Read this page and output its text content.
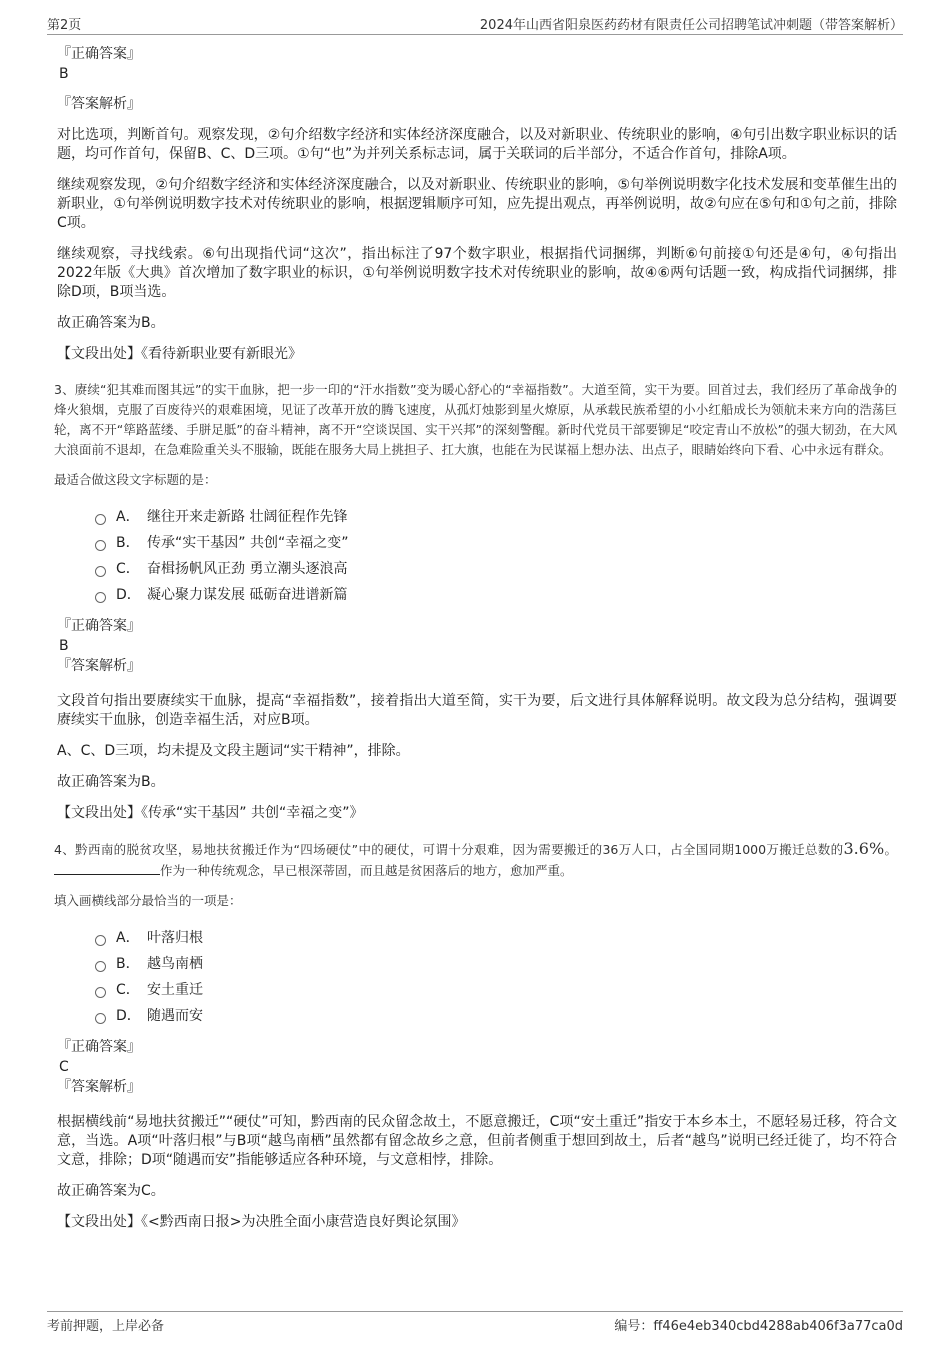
第2页	2024年山西省阳泉医药药材有限责任公司招聘笔试冲刺题（带答案解析）

『正确答案』

B

『答案解析』

对比选项，判断首句。观察发现，②句介绍数字经济和实体经济深度融合，以及对新职业、传统职业的影响，④句引出数字职业标识的话题，均可作首句，保留B、C、D三项。①句“也”为并列关系标志词，属于关联词的后半部分，不适合作首句，排除A项。

继续观察发现，②句介绍数字经济和实体经济深度融合，以及对新职业、传统职业的影响，⑤句举例说明数字化技术发展和变革催生出的新职业，①句举例说明数字技术对传统职业的影响，根据逻辑顺序可知，应先提出观点，再举例说明，故②句应在⑤句和①句之前，排除C项。

继续观察，寻找线索。⑥句出现指代词“这次”，指出标注了97个数字职业，根据指代词捆绑，判断⑥句前接①句还是④句，④句指出2022年版《大典》首次增加了数字职业的标识，①句举例说明数字技术对传统职业的影响，故④⑥两句话题一致，构成指代词捆绑，排除D项，B项当选。

故正确答案为B。

【文段出处】《看待新职业要有新眼光》

3、赓续“犯其难而图其远”的实干血脉，把一步一印的“汗水指数”变为暖心舒心的“幸福指数”。大道至简，实干为要。回首过去，我们经历了革命战争的烽火狼烟，克服了百废待兴的艰难困境，见证了改革开放的腾飞速度，从孤灯烛影到星火燎原，从承载民族希望的小小红船成长为领航未来方向的浩荡巨轮，离不开“筚路蓝缕、手胼足胝”的奋斗精神，离不开“空谈误国、实干兴邦”的深刻警醒。新时代党员干部要铆足“咬定青山不放松”的强大韧劲，在大风大浪面前不退却，在急难险重关头不服输，既能在服务大局上挑担子、扛大旗，也能在为民谋福上想办法、出点子，眼睛始终向下看、心中永远有群众。

最适合做这段文字标题的是：

A． 继往开来走新路 壮阔征程作先锋
B． 传承“实干基因” 共创“幸福之变”
C． 奋楫扬帆风正劲 勇立潮头逐浪高
D． 凝心聚力谋发展 砥砺奋进谱新篇

『正确答案』

B

『答案解析』

文段首句指出要赓续实干血脉，提高“幸福指数”，接着指出大道至简，实干为要，后文进行具体解释说明。故文段为总分结构，强调要赓续实干血脉，创造幸福生活，对应B项。

A、C、D三项，均未提及文段主题词“实干精神”，排除。

故正确答案为B。

【文段出处】《传承“实干基因” 共创“幸福之变”》

4、黔西南的脱贫攻坚，易地扶贫搬迁作为“四场硬仗”中的硬仗，可谓十分艰难，因为需要搬迁的36万人口，占全国同期1000万搬迁总数的3.6%。作为一种传统观念，早已根深蒂固，而且越是贫困落后的地方，愈加严重。

填入画横线部分最恰当的一项是：

A． 叶落归根
B． 越鸟南栖
C． 安土重迁
D． 随遇而安

『正确答案』

C

『答案解析』

根据横线前“易地扶贫搬迁”“硬仗”可知，黔西南的民众留念故土，不愿意搬迁，C项“安土重迁”指安于本乡本土，不愿轻易迁移，符合文意，当选。A项“叶落归根”与B项“越鸟南栖”虽然都有留念故乡之意，但前者侧重于想回到故土，后者“越鸟”说明已经迁徙了，均不符合文意，排除；D项“随遇而安”指能够适应各种环境，与文意相悖，排除。

故正确答案为C。

【文段出处】《<黔西南日报>为决胜全面小康营造良好舆论氛围》

考前押题，上岸必备	编号：ff46e4eb340cbd4288ab406f3a77ca0d
